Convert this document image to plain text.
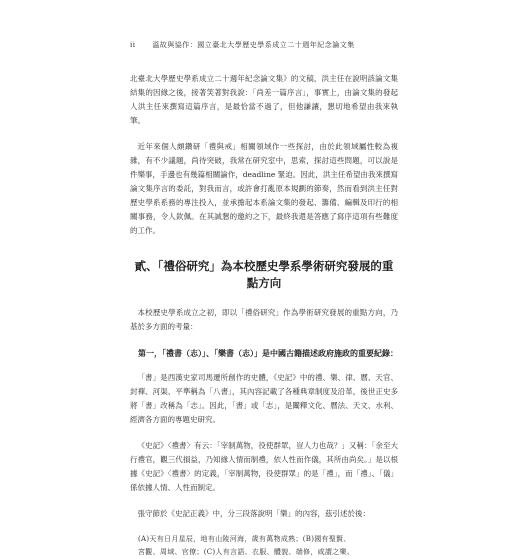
ii 溫故與協作：國立臺北大學歷史學系成立二十週年紀念論文集

北臺北大學歷史學系成立二十週年紀念論文集》的文稿，洪主任在說明該論文集結集的因緣之後，接著笑著對我說：「尚差一篇序言」，事實上，由論文集的發起人洪主任來撰寫這篇序言，是最恰當不過了，但他謙讓，懇切地希望由我來執筆。

近年來個人頗鑽研「禮與戒」相關領域作一些探討，由於此領域屬性較為複雜，有不少議題，尚待突破，我常在研究室中，思索，探討這些問題，可以說是件樂事，手邊也有幾篇相關論作，deadline 緊迫。因此，洪主任希望由我來撰寫論文集序言的委託，對我而言，或許會打亂原本規劃的節奏，然而看到洪主任對歷史學系系務的專注投入，並承擔起本系論文集的發起、籌備、編輯及印行的相關事務，令人欽佩。在其誠懇的邀約之下，最終我還是答應了寫序這項有些難度的工作。

貳、「禮俗研究」為本校歷史學系學術研究發展的重點方向

本校歷史學系成立之初，即以「禮俗研究」作為學術研究發展的重點方向，乃基於多方面的考量：

第一，「禮書（志）」、「樂書（志）」是中國古籍描述政府施政的重要紀錄：

「書」是西漢史家司馬遷所創作的史體，《史記》中的禮、樂、律、曆、天官、封禪、河渠、平準稱為「八書」，其內容記載了各種典章制度及沿革，後世正史多將「書」改稱為「志」。因此，「書」或「志」，是闡釋文化、曆法、天文、水利、經濟各方面的專題史研究。

《史記》〈禮書〉有云：「宰制萬物，役使群眾，豈人力也哉？」又稱：「余至大行禮官，觀三代損益，乃知緣人情而制禮，依人性而作儀，其所由尚矣。」是以根據《史記》〈禮書〉的定義，「宰制萬物，役使群眾」的是「禮」，而「禮」、「儀」係依據人情、人性而制定。

張守節於《史記正義》中，分三段落說明「樂」的內容，茲引述於後：

(A)天有日月星辰，地有山陵河海，歲有萬物成熟；(B)國有聖賢、
宮觀、周域、官僚；(C)人有言語、衣服、體貌、端修，咸謂之樂。
